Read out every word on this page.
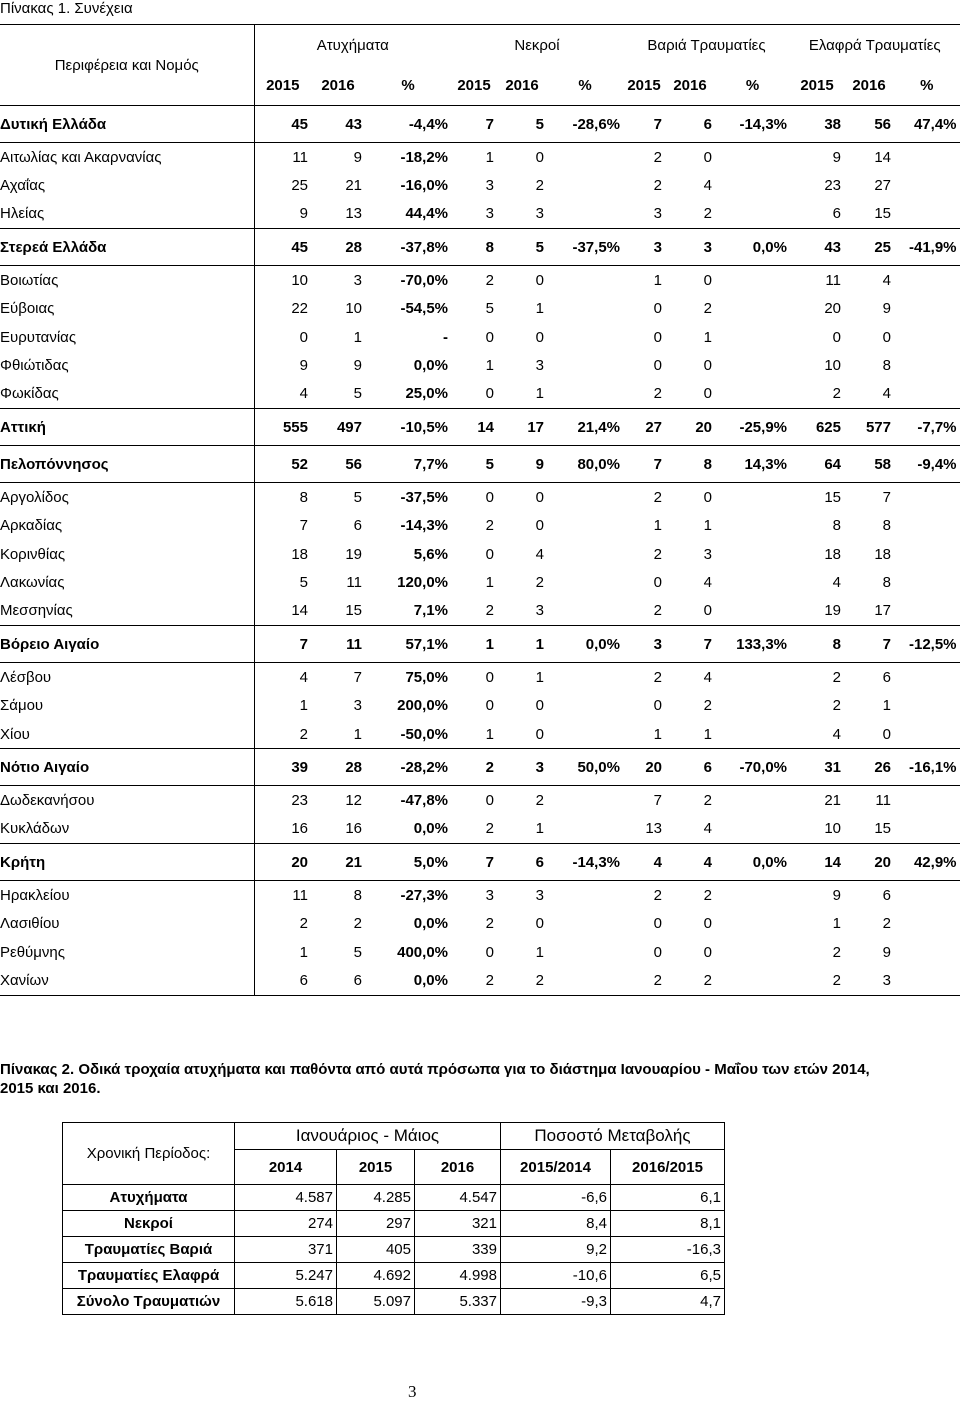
Πίνακας 1. Συνέχεια
Περιφέρεια και Νομός	Ατυχήματα			Νεκροί			Βαριά Τραυματίες			Ελαφρά Τραυματίες		
	2015	2016	%	2015	2016	%	2015	2016	%	2015	2016	%
Δυτική Ελλάδα	45	43	-4,4%	7	5	-28,6%	7	6	-14,3%	38	56	47,4%
Αιτωλίας και Ακαρνανίας	11	9	-18,2%	1	0		2	0		9	14	
Αχαΐας	25	21	-16,0%	3	2		2	4		23	27	
Ηλείας	9	13	44,4%	3	3		3	2		6	15	
Στερεά Ελλάδα	45	28	-37,8%	8	5	-37,5%	3	3	0,0%	43	25	-41,9%
Βοιωτίας	10	3	-70,0%	2	0		1	0		11	4	
Εύβοιας	22	10	-54,5%	5	1		0	2		20	9	
Ευρυτανίας	0	1	-	0	0		0	1		0	0	
Φθιώτιδας	9	9	0,0%	1	3		0	0		10	8	
Φωκίδας	4	5	25,0%	0	1		2	0		2	4	
Αττική	555	497	-10,5%	14	17	21,4%	27	20	-25,9%	625	577	-7,7%
Πελοπόννησος	52	56	7,7%	5	9	80,0%	7	8	14,3%	64	58	-9,4%
Αργολίδος	8	5	-37,5%	0	0		2	0		15	7	
Αρκαδίας	7	6	-14,3%	2	0		1	1		8	8	
Κορινθίας	18	19	5,6%	0	4		2	3		18	18	
Λακωνίας	5	11	120,0%	1	2		0	4		4	8	
Μεσσηνίας	14	15	7,1%	2	3		2	0		19	17	
Βόρειο Αιγαίο	7	11	57,1%	1	1	0,0%	3	7	133,3%	8	7	-12,5%
Λέσβου	4	7	75,0%	0	1		2	4		2	6	
Σάμου	1	3	200,0%	0	0		0	2		2	1	
Χίου	2	1	-50,0%	1	0		1	1		4	0	
Νότιο Αιγαίο	39	28	-28,2%	2	3	50,0%	20	6	-70,0%	31	26	-16,1%
Δωδεκανήσου	23	12	-47,8%	0	2		7	2		21	11	
Κυκλάδων	16	16	0,0%	2	1		13	4		10	15	
Κρήτη	20	21	5,0%	7	6	-14,3%	4	4	0,0%	14	20	42,9%
Ηρακλείου	11	8	-27,3%	3	3		2	2		9	6	
Λασιθίου	2	2	0,0%	2	0		0	0		1	2	
Ρεθύμνης	1	5	400,0%	0	1		0	0		2	9	
Χανίων	6	6	0,0%	2	2		2	2		2	3	
Πίνακας 2. Οδικά τροχαία ατυχήματα και παθόντα από αυτά πρόσωπα για το διάστημα Ιανουαρίου - Μαΐου των ετών 2014, 2015 και 2016.
Χρονική Περίοδος:	Ιανουάριος - Μάιος			Ποσοστό Μεταβολής	
	2014	2015	2016	2015/2014	2016/2015
Ατυχήματα	4.587	4.285	4.547	-6,6	6,1
Νεκροί	274	297	321	8,4	8,1
Τραυματίες Βαριά	371	405	339	9,2	-16,3
Τραυματίες Ελαφρά	5.247	4.692	4.998	-10,6	6,5
Σύνολο Τραυματιών	5.618	5.097	5.337	-9,3	4,7
3
